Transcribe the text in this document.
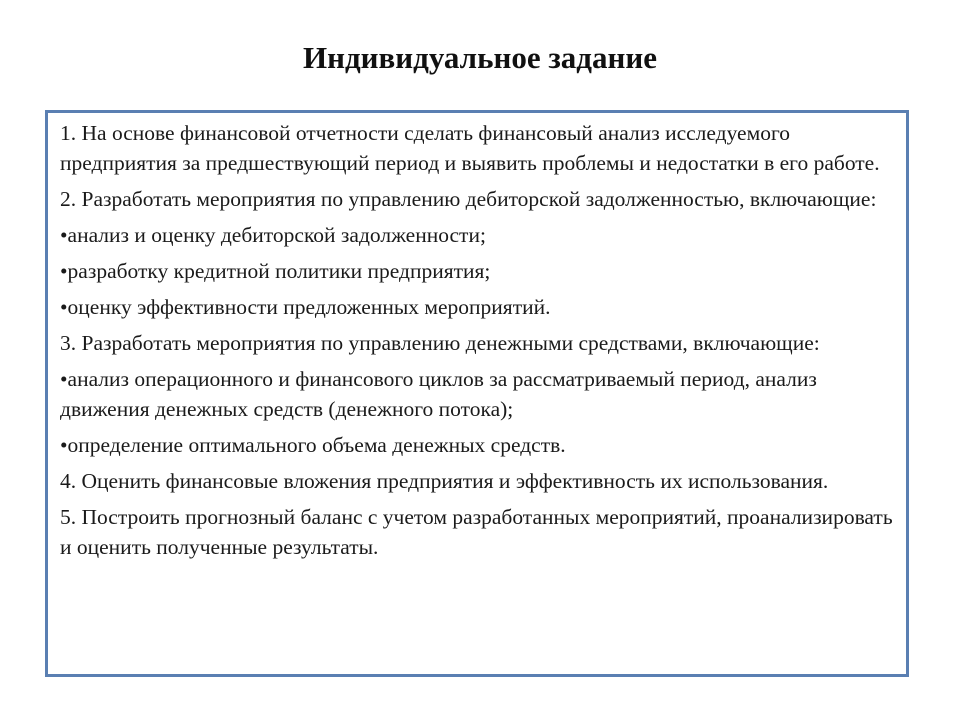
Индивидуальное задание

1. На основе финансовой отчетности сделать финансовый анализ исследуемого предприятия за предшествующий период и выявить проблемы и недостатки в его работе.

2. Разработать мероприятия по управлению дебиторской задолженностью, включающие:

•анализ и оценку дебиторской задолженности;

•разработку кредитной политики предприятия;

•оценку эффективности предложенных мероприятий.

3. Разработать мероприятия по управлению денежными средствами, включающие:

•анализ операционного и финансового циклов за рассматриваемый период, анализ движения денежных средств (денежного потока);

•определение оптимального объема денежных средств.

4. Оценить финансовые вложения предприятия и эффективность их использования.

5. Построить прогнозный баланс с учетом разработанных мероприятий, проанализировать и оценить полученные результаты.
